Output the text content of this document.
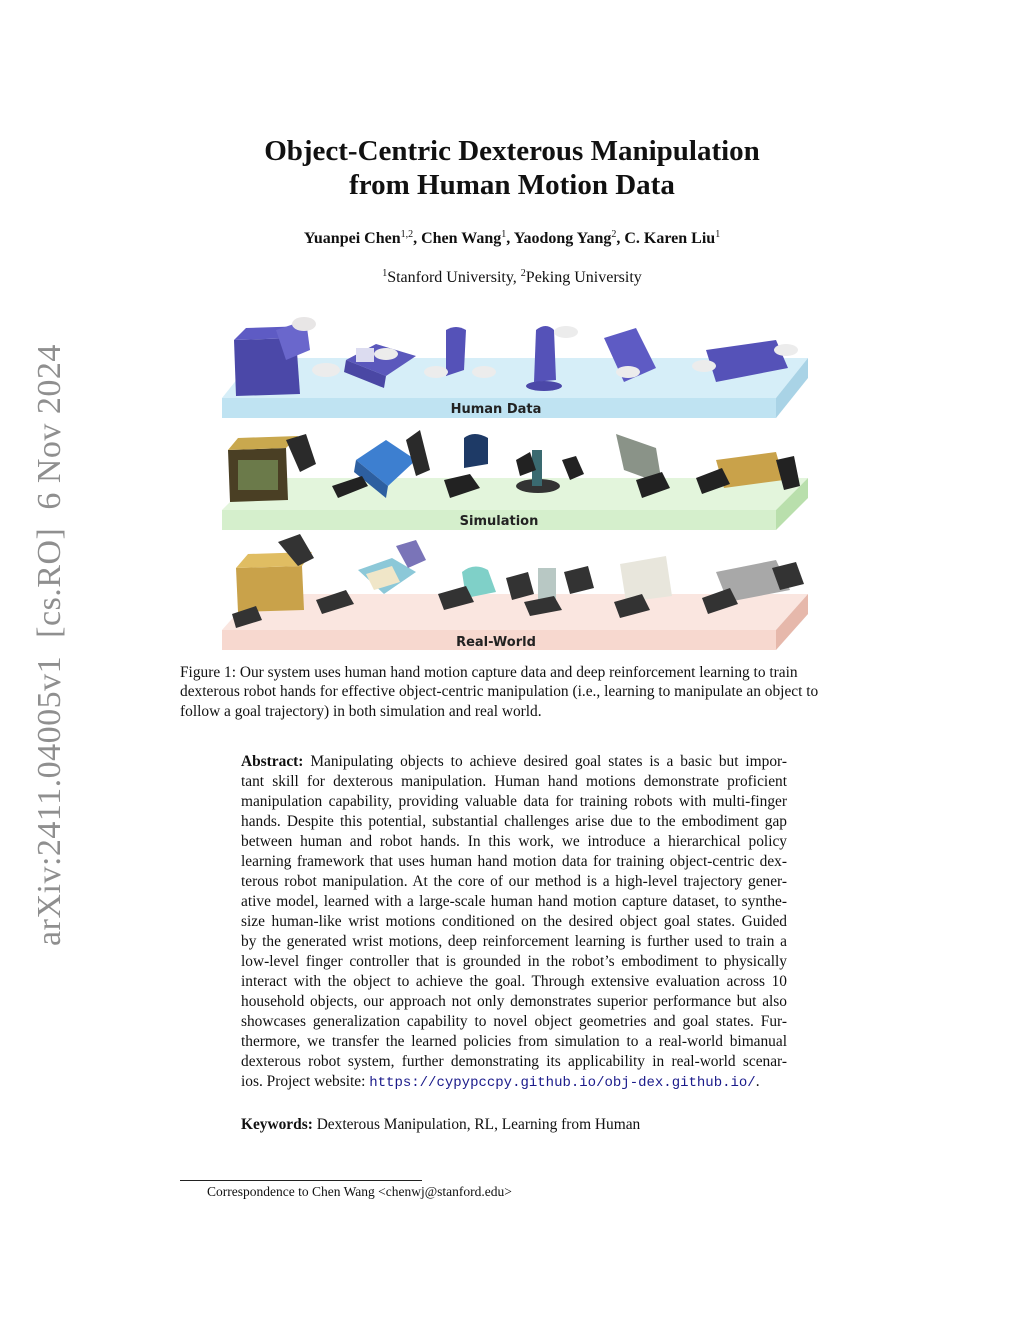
arXiv:2411.04005v1  [cs.RO]  6 Nov 2024
Object-Centric Dexterous Manipulation
from Human Motion Data
Yuanpei Chen$^{1,2}$, Chen Wang$^1$, Yaodong Yang$^2$, C. Karen Liu$^1$
$^1$Stanford University, $^2$Peking University
Human Data
Simulation
Real-World
Figure 1: Our system uses human hand motion capture data and deep reinforcement learning to train dexterous robot hands for effective object-centric manipulation (i.e., learning to manipulate an object to follow a goal trajectory) in both simulation and real world.
Abstract: Manipulating objects to achieve desired goal states is a basic but impor-
tant skill for dexterous manipulation. Human hand motions demonstrate proficient
manipulation capability, providing valuable data for training robots with multi-finger
hands. Despite this potential, substantial challenges arise due to the embodiment gap
between human and robot hands. In this work, we introduce a hierarchical policy
learning framework that uses human hand motion data for training object-centric dex-
terous robot manipulation. At the core of our method is a high-level trajectory gener-
ative model, learned with a large-scale human hand motion capture dataset, to synthe-
size human-like wrist motions conditioned on the desired object goal states. Guided
by the generated wrist motions, deep reinforcement learning is further used to train a
low-level finger controller that is grounded in the robot’s embodiment to physically
interact with the object to achieve the goal. Through extensive evaluation across 10
household objects, our approach not only demonstrates superior performance but also
showcases generalization capability to novel object geometries and goal states. Fur-
thermore, we transfer the learned policies from simulation to a real-world bimanual
dexterous robot system, further demonstrating its applicability in real-world scenar-
ios. Project website: https://cypypccpy.github.io/obj-dex.github.io/.
Keywords: Dexterous Manipulation, RL, Learning from Human
Correspondence to Chen Wang <chenwj@stanford.edu>
